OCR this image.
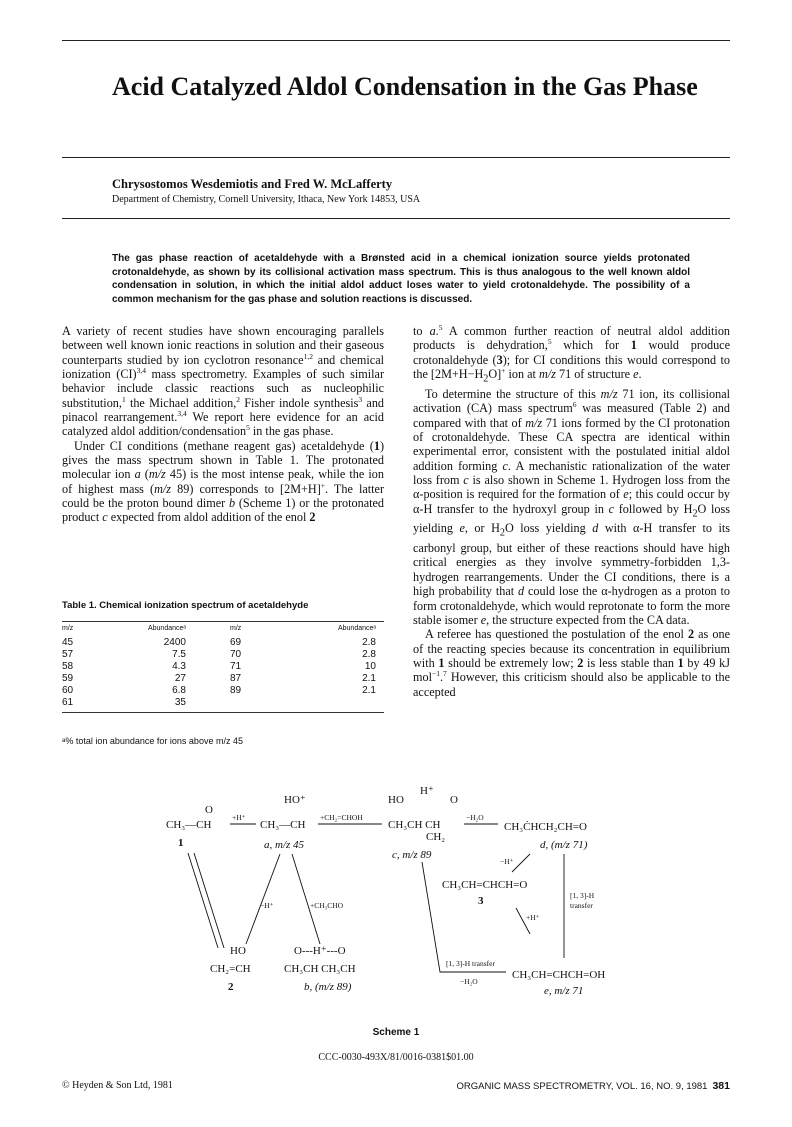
Acid Catalyzed Aldol Condensation in the Gas Phase
Chrysostomos Wesdemiotis and Fred W. McLafferty
Department of Chemistry, Cornell University, Ithaca, New York 14853, USA
The gas phase reaction of acetaldehyde with a Brønsted acid in a chemical ionization source yields protonated crotonaldehyde, as shown by its collisional activation mass spectrum. This is thus analogous to the well known aldol condensation in solution, in which the initial aldol adduct loses water to yield crotonaldehyde. The possibility of a common mechanism for the gas phase and solution reactions is discussed.

A variety of recent studies have shown encouraging parallels between well known ionic reactions in solution and their gaseous counterparts studied by ion cyclotron resonance$^{1,2}$ and chemical ionization (CI)$^{3,4}$ mass spectrometry. Examples of such similar behavior include classic reactions such as nucleophilic substitution,$^1$ the Michael addition,$^2$ Fisher indole synthesis$^3$ and pinacol rearrangement.$^{3,4}$ We report here evidence for an acid catalyzed aldol addition/condensation$^5$ in the gas phase.

Under CI conditions (methane reagent gas) acetaldehyde (1) gives the mass spectrum shown in Table 1. The protonated molecular ion a (m/z 45) is the most intense peak, while the ion of highest mass (m/z 89) corresponds to [2M+H]+. The latter could be the proton bound dimer b (Scheme 1) or the protonated product c expected from aldol addition of the enol 2

to a.$^5$ A common further reaction of neutral aldol addition products is dehydration,$^5$ which for 1 would produce crotonaldehyde (3); for CI conditions this would correspond to the $[2M+H-H_2O]^+$ ion at m/z 71 of structure e.

To determine the structure of this m/z 71 ion, its collisional activation (CA) mass spectrum$^6$ was measured (Table 2) and compared with that of m/z 71 ions formed by the CI protonation of crotonaldehyde. These CA spectra are identical within experimental error, consistent with the postulated initial aldol addition forming c. A mechanistic rationalization of the water loss from c is also shown in Scheme 1. Hydrogen loss from the α-position is required for the formation of e; this could occur by α-H transfer to the hydroxyl group in c followed by $H_2O$ loss yielding e, or $H_2O$ loss yielding d with α-H transfer to its carbonyl group, but either of these reactions should have high critical energies as they involve symmetry-forbidden 1,3-hydrogen rearrangements. Under the CI conditions, there is a high probability that d could lose the α-hydrogen as a proton to form crotonaldehyde, which would reprotonate to form the more stable isomer e, the structure expected from the CA data.

A referee has questioned the postulation of the enol 2 as one of the reacting species because its concentration in equilibrium with 1 should be extremely low; 2 is less stable than 1 by 49 kJ mol$^{-1}$.$^7$ However, this criticism should also be applicable to the accepted

Table 1. Chemical ionization spectrum of acetaldehyde
m/z	Abundanceᵃ	m/z	Abundanceᵃ
45	2400	69	2.8
57	7.5	70	2.8
58	4.3	71	10
59	27	87	2.1
60	6.8	89	2.1
61	35
ᵃ% total ion abundance for ions above m/z 45
CH₃—CH
O
1
CH₃—CH
HO⁺
a, m/z 45
CH₃CH CH
HO	O
H⁺
CH₂
c, m/z 89
CH₃ĊHCH₂CH=O
d, (m/z 71)
CH₃CH=CHCH=O
3
CH₂=CH
HO
2
CH₃CH CH₃CH
O---H⁺---O
b, (m/z 89)
CH₃CH=CHCH=OH
e, m/z 71
+H⁺	+CH₂=CHOH	−H₂O
−H⁺	+CH₃CHO
−H⁺
+H⁺
[1, 3]-H
transfer
[1, 3]-H transfer
−H₂O
Scheme 1
CCC-0030-493X/81/0016-0381$01.00
© Heyden & Son Ltd, 1981	ORGANIC MASS SPECTROMETRY, VOL. 16, NO. 9, 1981 381
